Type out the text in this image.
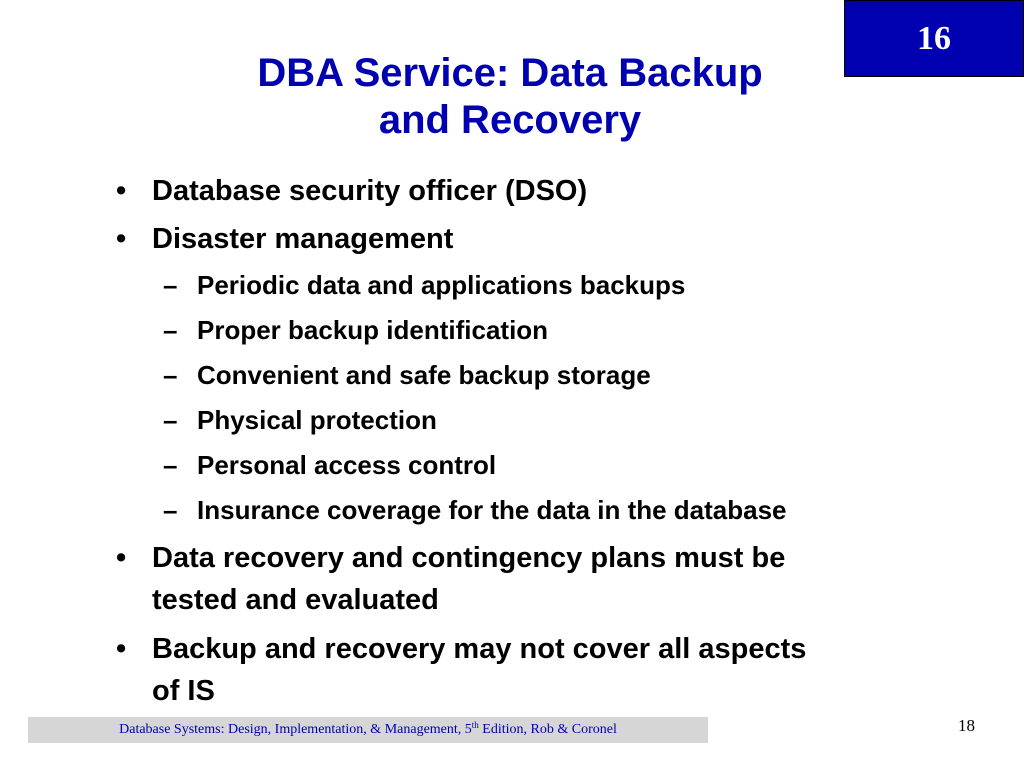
16
DBA Service: Data Backup
and Recovery
• Database security officer (DSO)
• Disaster management
– Periodic data and applications backups
– Proper backup identification
– Convenient and safe backup storage
– Physical protection
– Personal access control
– Insurance coverage for the data in the database
• Data recovery and contingency plans must be
tested and evaluated
• Backup and recovery may not cover all aspects
of IS
Database Systems: Design, Implementation, & Management, 5th Edition, Rob & Coronel	18
